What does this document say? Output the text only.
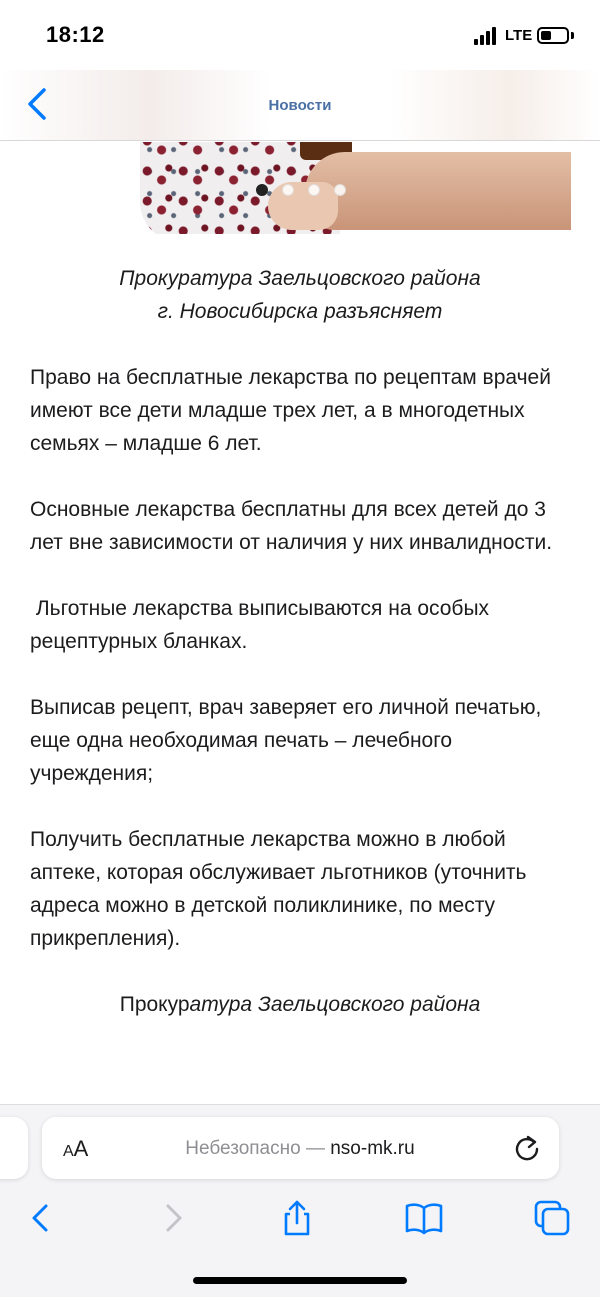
18:12	LTE
Новости

Прокуратура Заельцовского района

г. Новосибирска разъясняет

Право на бесплатные лекарства по рецептам врачей имеют все дети младше трех лет, а в многодетных семьях – младше 6 лет.

Основные лекарства бесплатны для всех детей до 3 лет вне зависимости от наличия у них инвалидности.

Льготные лекарства выписываются на особых рецептурных бланках.

Выписав рецепт, врач заверяет его личной печатью, еще одна необходимая печать – лечебного учреждения;

Получить бесплатные лекарства можно в любой аптеке, которая обслуживает льготников (уточнить адреса можно в детской поликлинике, по месту прикрепления).

Прокуратура Заельцовского района

AA	Небезопасно — nso-mk.ru
